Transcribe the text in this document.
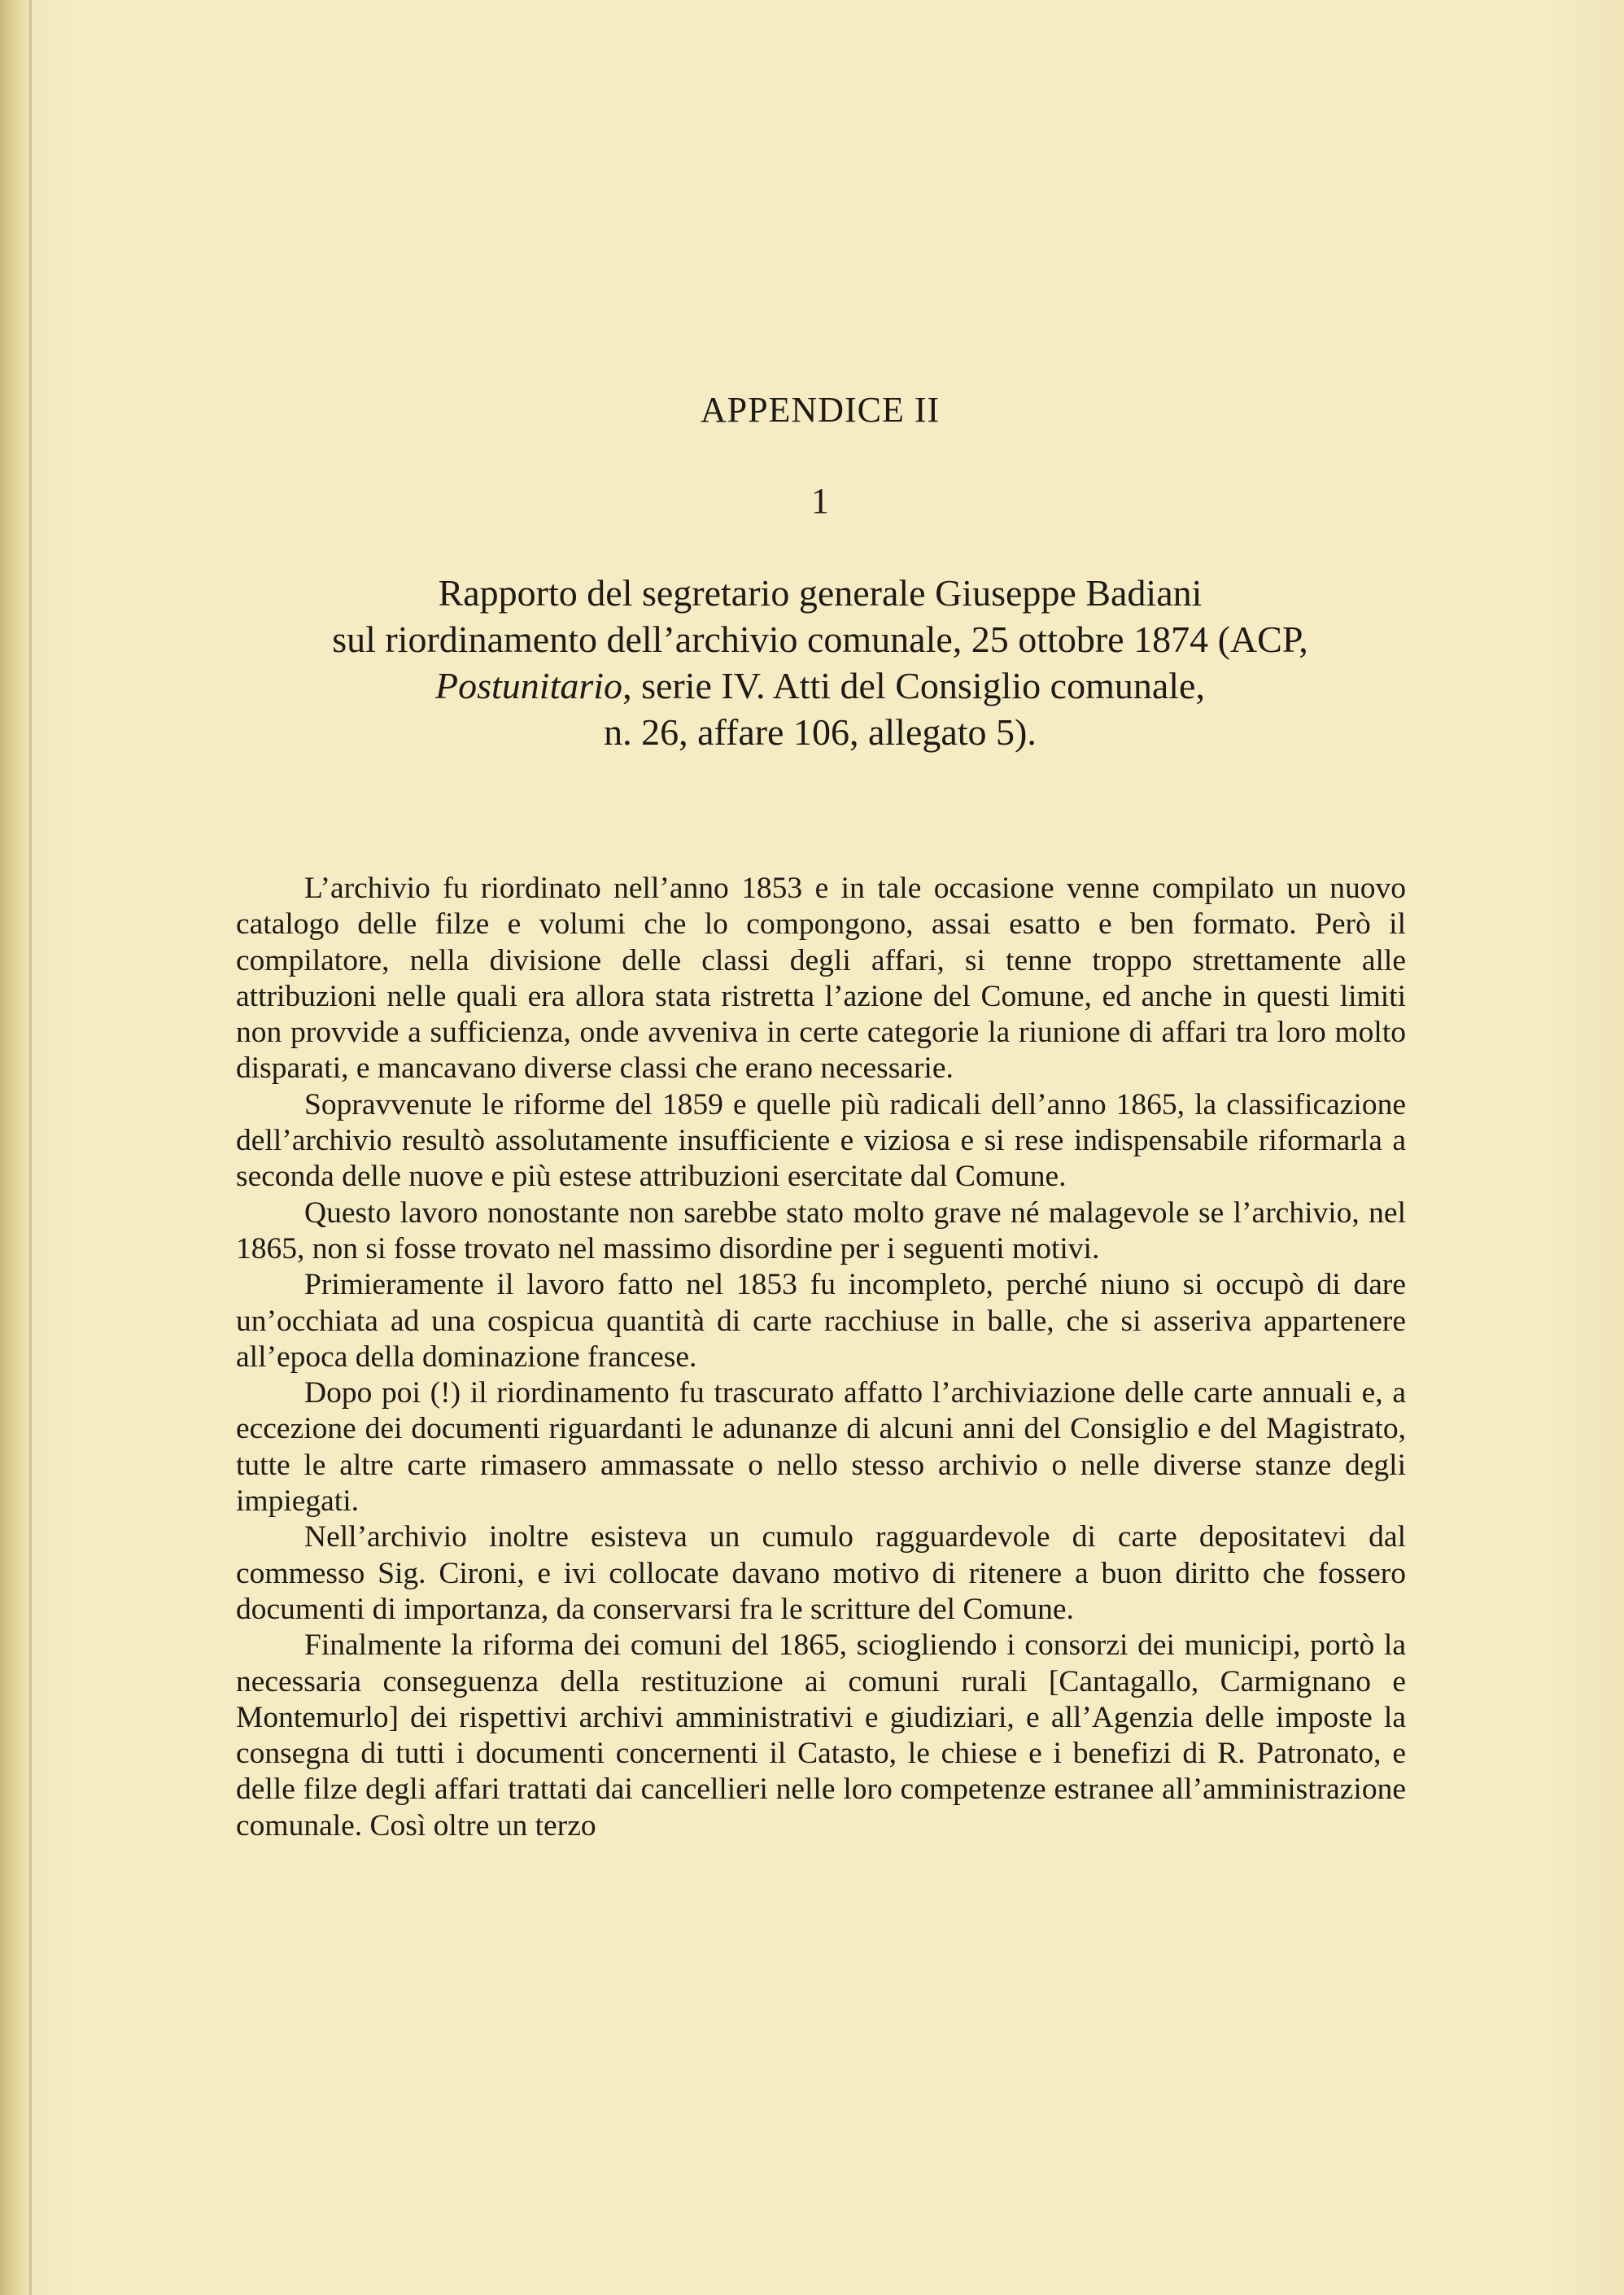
APPENDICE II
1
Rapporto del segretario generale Giuseppe Badiani
sul riordinamento dell’archivio comunale, 25 ottobre 1874 (ACP,
Postunitario, serie IV. Atti del Consiglio comunale,
n. 26, affare 106, allegato 5).

L’archivio fu riordinato nell’anno 1853 e in tale occasione venne compilato un nuovo catalogo delle filze e volumi che lo compongono, assai esatto e ben formato. Però il compilatore, nella divisione delle classi degli affari, si tenne troppo strettamente alle attribuzioni nelle quali era allora stata ristretta l’azione del Comune, ed anche in questi limiti non provvide a sufficienza, onde avveniva in certe categorie la riunione di affari tra loro molto disparati, e mancavano diverse classi che erano necessarie.

Sopravvenute le riforme del 1859 e quelle più radicali dell’anno 1865, la classificazione dell’archivio resultò assolutamente insufficiente e viziosa e si rese indispensabile riformarla a seconda delle nuove e più estese attribuzioni esercitate dal Comune.

Questo lavoro nonostante non sarebbe stato molto grave né malagevole se l’archivio, nel 1865, non si fosse trovato nel massimo disordine per i seguenti motivi.

Primieramente il lavoro fatto nel 1853 fu incompleto, perché niuno si occupò di dare un’occhiata ad una cospicua quantità di carte racchiuse in balle, che si asseriva appartenere all’epoca della dominazione francese.

Dopo poi (!) il riordinamento fu trascurato affatto l’archiviazione delle carte annuali e, a eccezione dei documenti riguardanti le adunanze di alcuni anni del Consiglio e del Magistrato, tutte le altre carte rimasero ammassate o nello stesso archivio o nelle diverse stanze degli impiegati.

Nell’archivio inoltre esisteva un cumulo ragguardevole di carte depositatevi dal commesso Sig. Cironi, e ivi collocate davano motivo di ritenere a buon diritto che fossero documenti di importanza, da conservarsi fra le scritture del Comune.

Finalmente la riforma dei comuni del 1865, sciogliendo i consorzi dei municipi, portò la necessaria conseguenza della restituzione ai comuni rurali [Cantagallo, Carmignano e Montemurlo] dei rispettivi archivi amministrativi e giudiziari, e all’Agenzia delle imposte la consegna di tutti i documenti concernenti il Catasto, le chiese e i benefizi di R. Patronato, e delle filze degli affari trattati dai cancellieri nelle loro competenze estranee all’amministrazione comunale. Così oltre un terzo
